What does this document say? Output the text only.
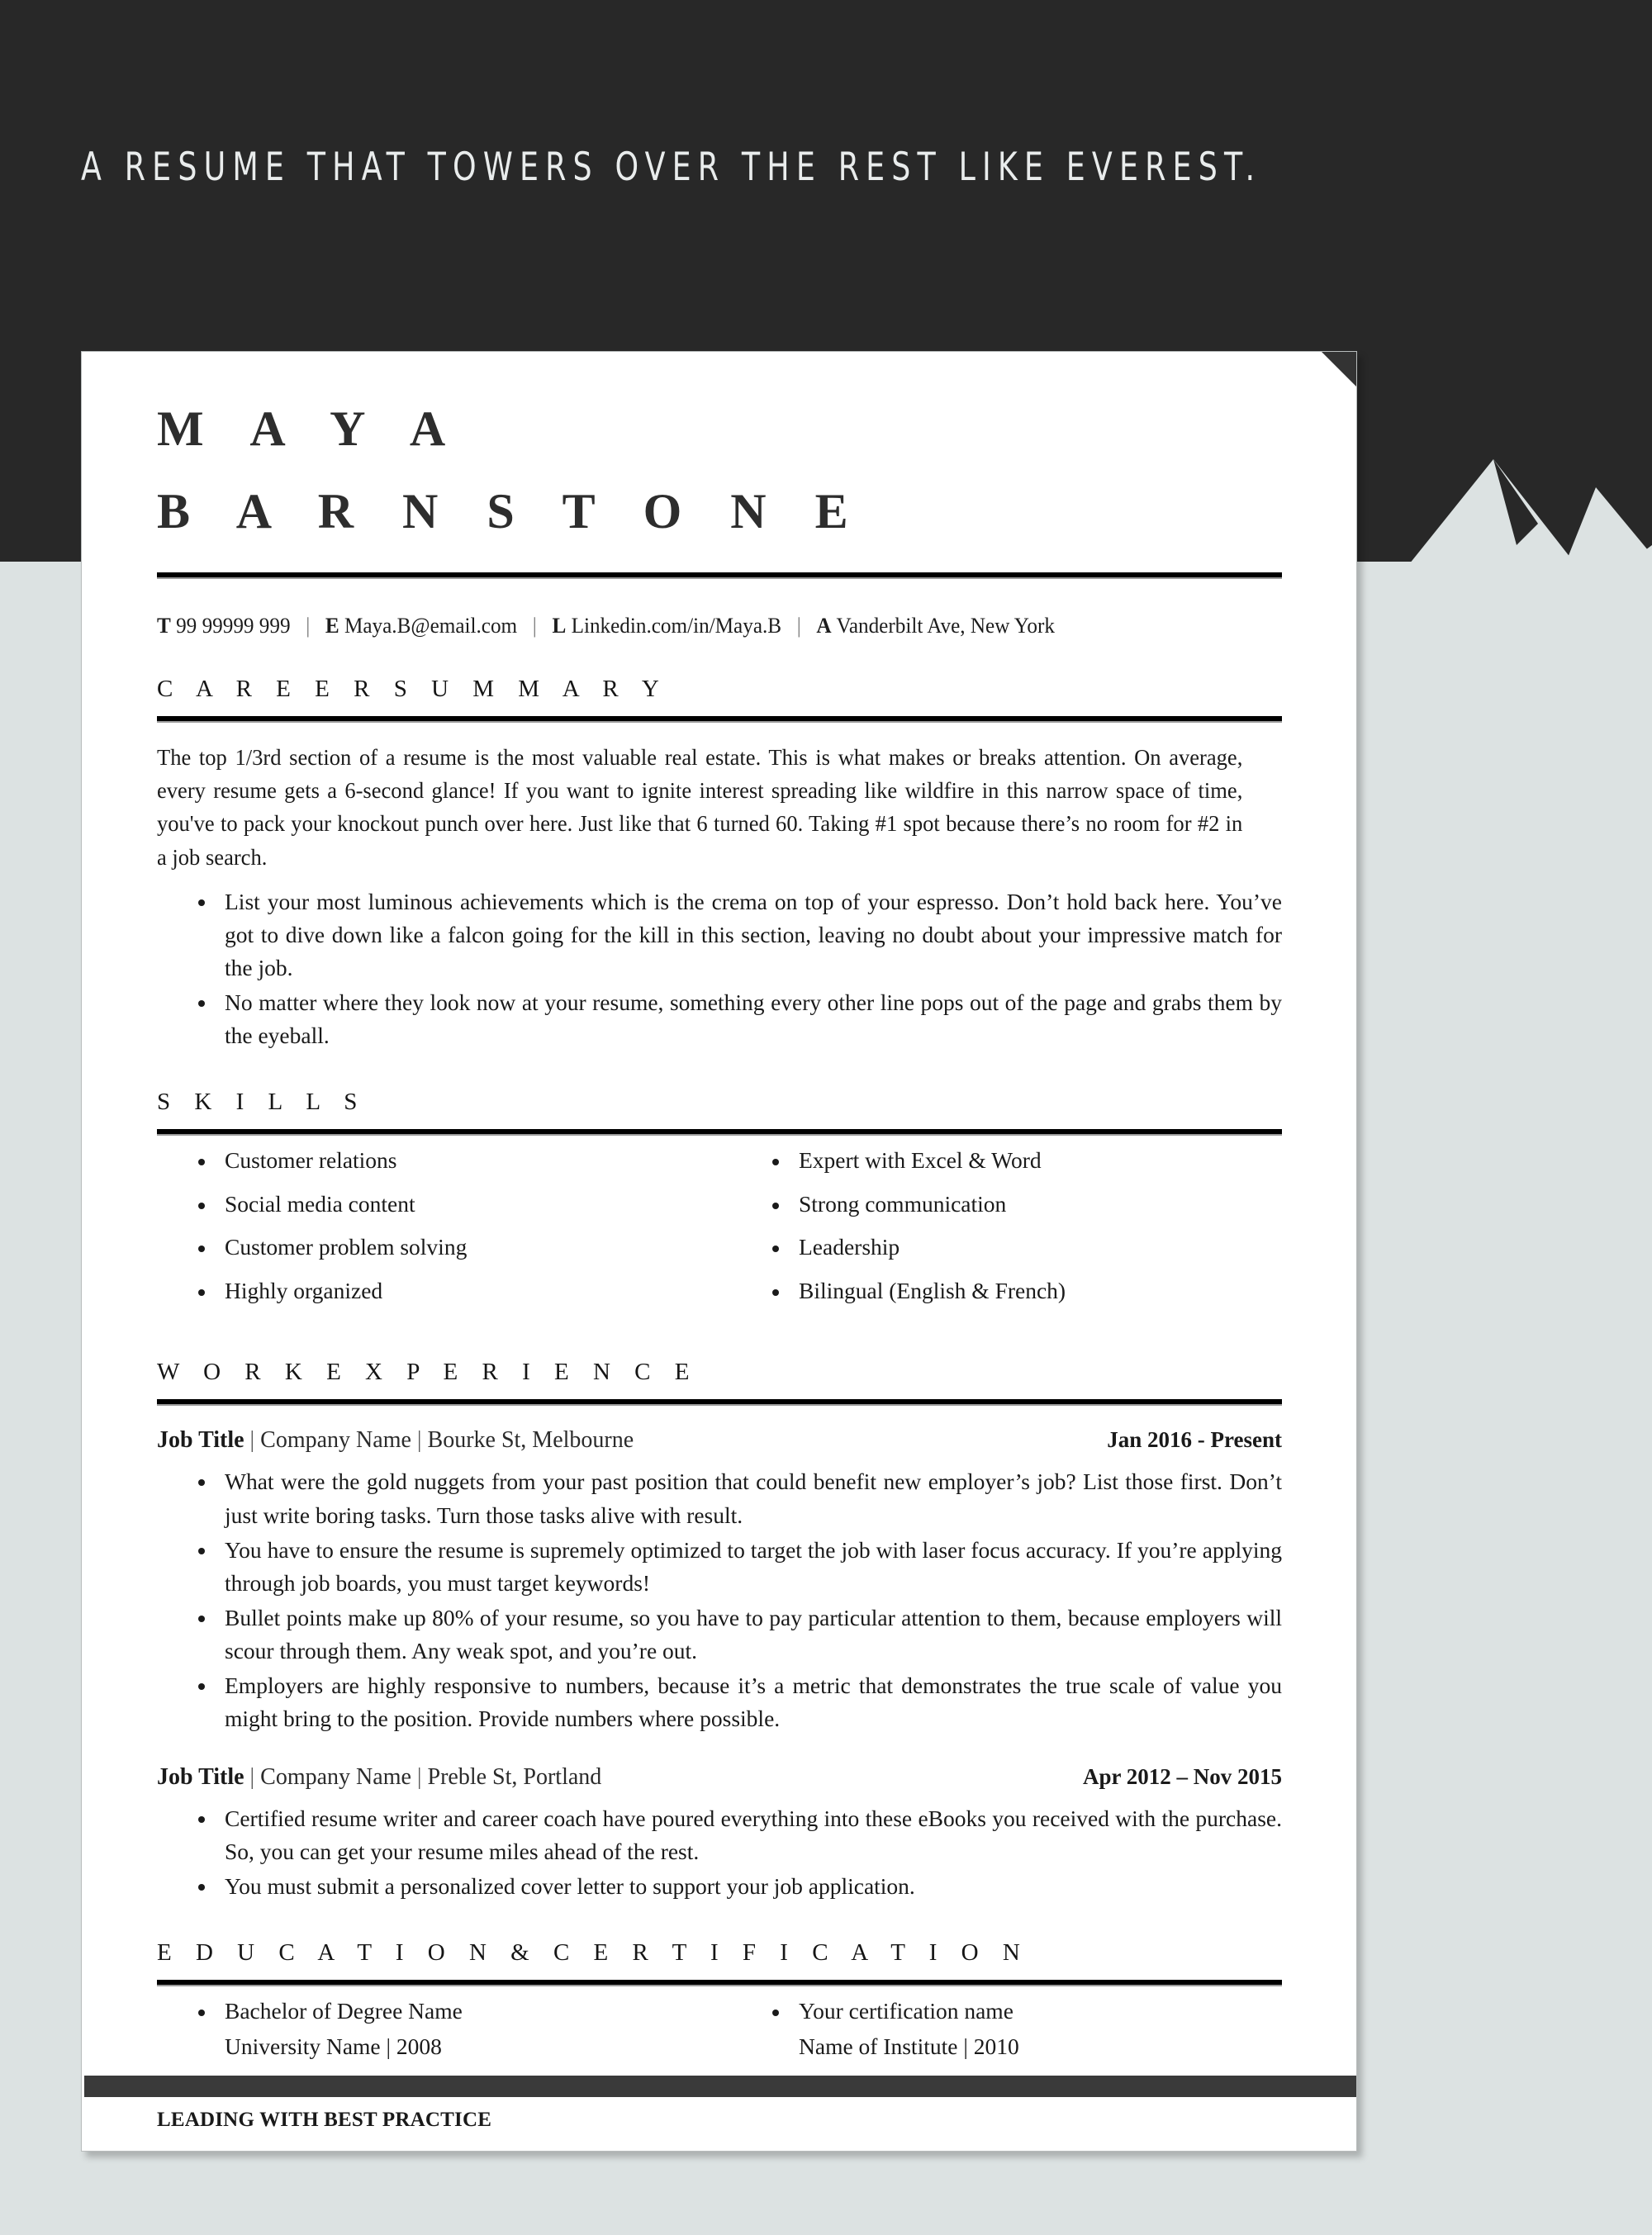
A RESUME THAT TOWERS OVER THE REST LIKE EVEREST.
M A Y A
B A R N S T O N E
T 99 99999 999 | E Maya.B@email.com | L Linkedin.com/in/Maya.B | A Vanderbilt Ave, New York
C A R E E R S U M M A R Y

The top 1/3rd section of a resume is the most valuable real estate. This is what makes or breaks attention. On average, every resume gets a 6-second glance! If you want to ignite interest spreading like wildfire in this narrow space of time, you've to pack your knockout punch over here. Just like that 6 turned 60. Taking #1 spot because there’s no room for #2 in a job search.

List your most luminous achievements which is the crema on top of your espresso. Don’t hold back here. You’ve got to dive down like a falcon going for the kill in this section, leaving no doubt about your impressive match for the job.
No matter where they look now at your resume, something every other line pops out of the page and grabs them by the eyeball.
S K I L L S
Customer relations
Social media content
Customer problem solving
Highly organized
Expert with Excel & Word
Strong communication
Leadership
Bilingual (English & French)
W O R K E X P E R I E N C E
Job Title | Company Name | Bourke St, Melbourne	Jan 2016 - Present
What were the gold nuggets from your past position that could benefit new employer’s job? List those first. Don’t just write boring tasks. Turn those tasks alive with result.
You have to ensure the resume is supremely optimized to target the job with laser focus accuracy. If you’re applying through job boards, you must target keywords!
Bullet points make up 80% of your resume, so you have to pay particular attention to them, because employers will scour through them. Any weak spot, and you’re out.
Employers are highly responsive to numbers, because it’s a metric that demonstrates the true scale of value you might bring to the position. Provide numbers where possible.
Job Title | Company Name | Preble St, Portland	Apr 2012 – Nov 2015
Certified resume writer and career coach have poured everything into these eBooks you received with the purchase. So, you can get your resume miles ahead of the rest.
You must submit a personalized cover letter to support your job application.
E D U C A T I O N & C E R T I F I C A T I O N
Bachelor of Degree Name
University Name | 2008
Your certification name
Name of Institute | 2010
LEADING WITH BEST PRACTICE
